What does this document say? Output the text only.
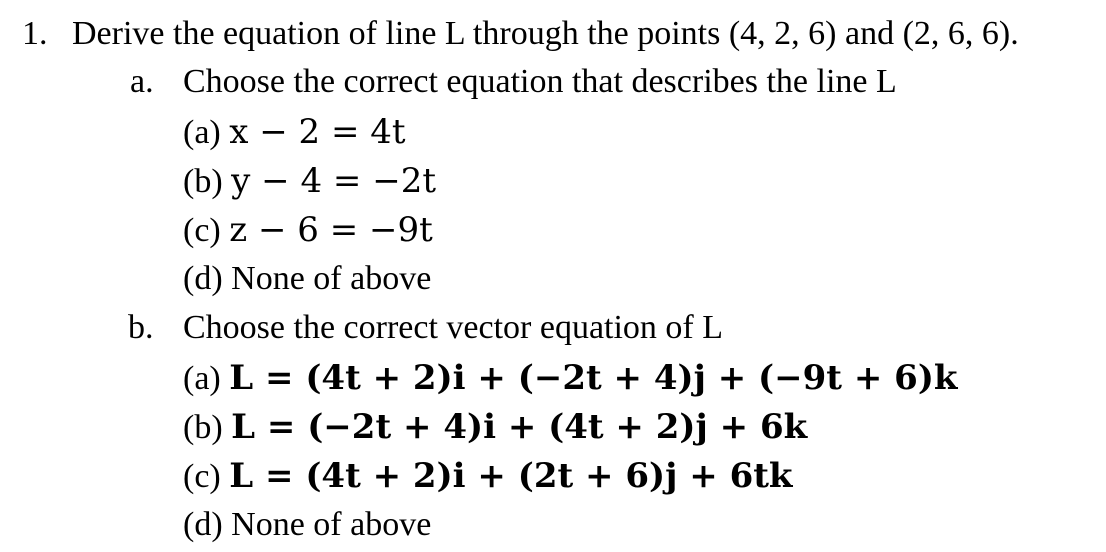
1. Derive the equation of line L through the points (4, 2, 6) and (2, 6, 6).
a. Choose the correct equation that describes the line L
(a) x − 2 = 4t
(b) y − 4 = −2t
(c) z − 6 = −9t
(d) None of above
b. Choose the correct vector equation of L
(a) L = (4t + 2)i + (−2t + 4)j + (−9t + 6)k
(b) L = (−2t + 4)i + (4t + 2)j + 6k
(c) L = (4t + 2)i + (2t + 6)j + 6tk
(d) None of above
